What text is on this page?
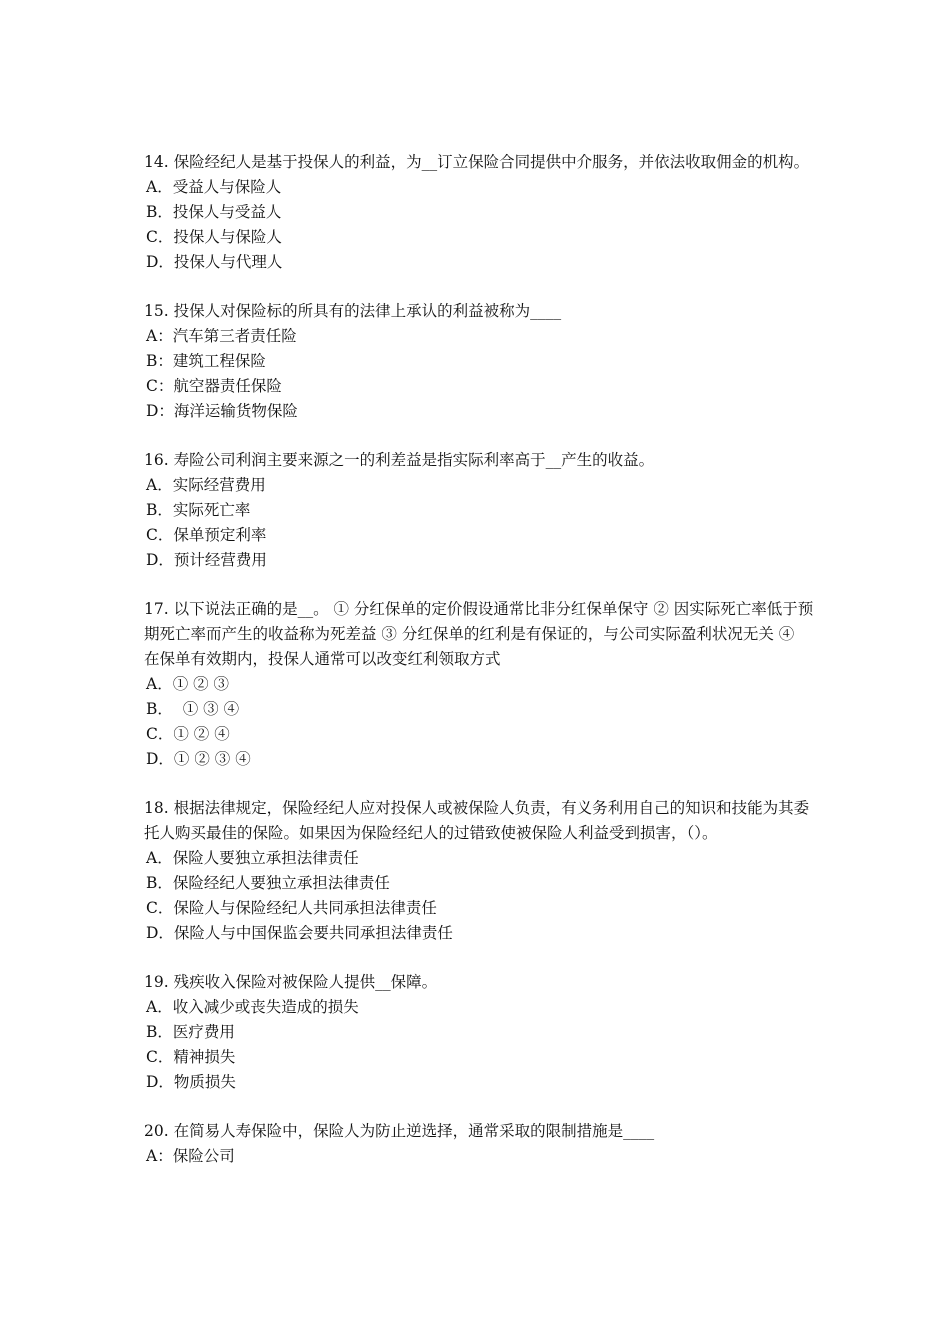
14. 保险经纪人是基于投保人的利益，为__订立保险合同提供中介服务，并依法收取佣金的机构。

A．受益人与保险人

B．投保人与受益人

C．投保人与保险人

D．投保人与代理人

15. 投保人对保险标的所具有的法律上承认的利益被称为____

A：汽车第三者责任险

B：建筑工程保险

C：航空器责任保险

D：海洋运输货物保险

16. 寿险公司利润主要来源之一的利差益是指实际利率高于__产生的收益。

A．实际经营费用

B．实际死亡率

C．保单预定利率

D．预计经营费用

17. 以下说法正确的是__。 ① 分红保单的定价假设通常比非分红保单保守 ② 因实际死亡率低于预期死亡率而产生的收益称为死差益 ③ 分红保单的红利是有保证的，与公司实际盈利状况无关 ④ 在保单有效期内，投保人通常可以改变红利领取方式

A．① ② ③

B．  ① ③ ④

C．① ② ④

D．① ② ③ ④

18. 根据法律规定，保险经纪人应对投保人或被保险人负责，有义务利用自己的知识和技能为其委托人购买最佳的保险。如果因为保险经纪人的过错致使被保险人利益受到损害，（）。

A．保险人要独立承担法律责任

B．保险经纪人要独立承担法律责任

C．保险人与保险经纪人共同承担法律责任

D．保险人与中国保监会要共同承担法律责任

19. 残疾收入保险对被保险人提供__保障。

A．收入减少或丧失造成的损失

B．医疗费用

C．精神损失

D．物质损失

20. 在简易人寿保险中，保险人为防止逆选择，通常采取的限制措施是____

A：保险公司
